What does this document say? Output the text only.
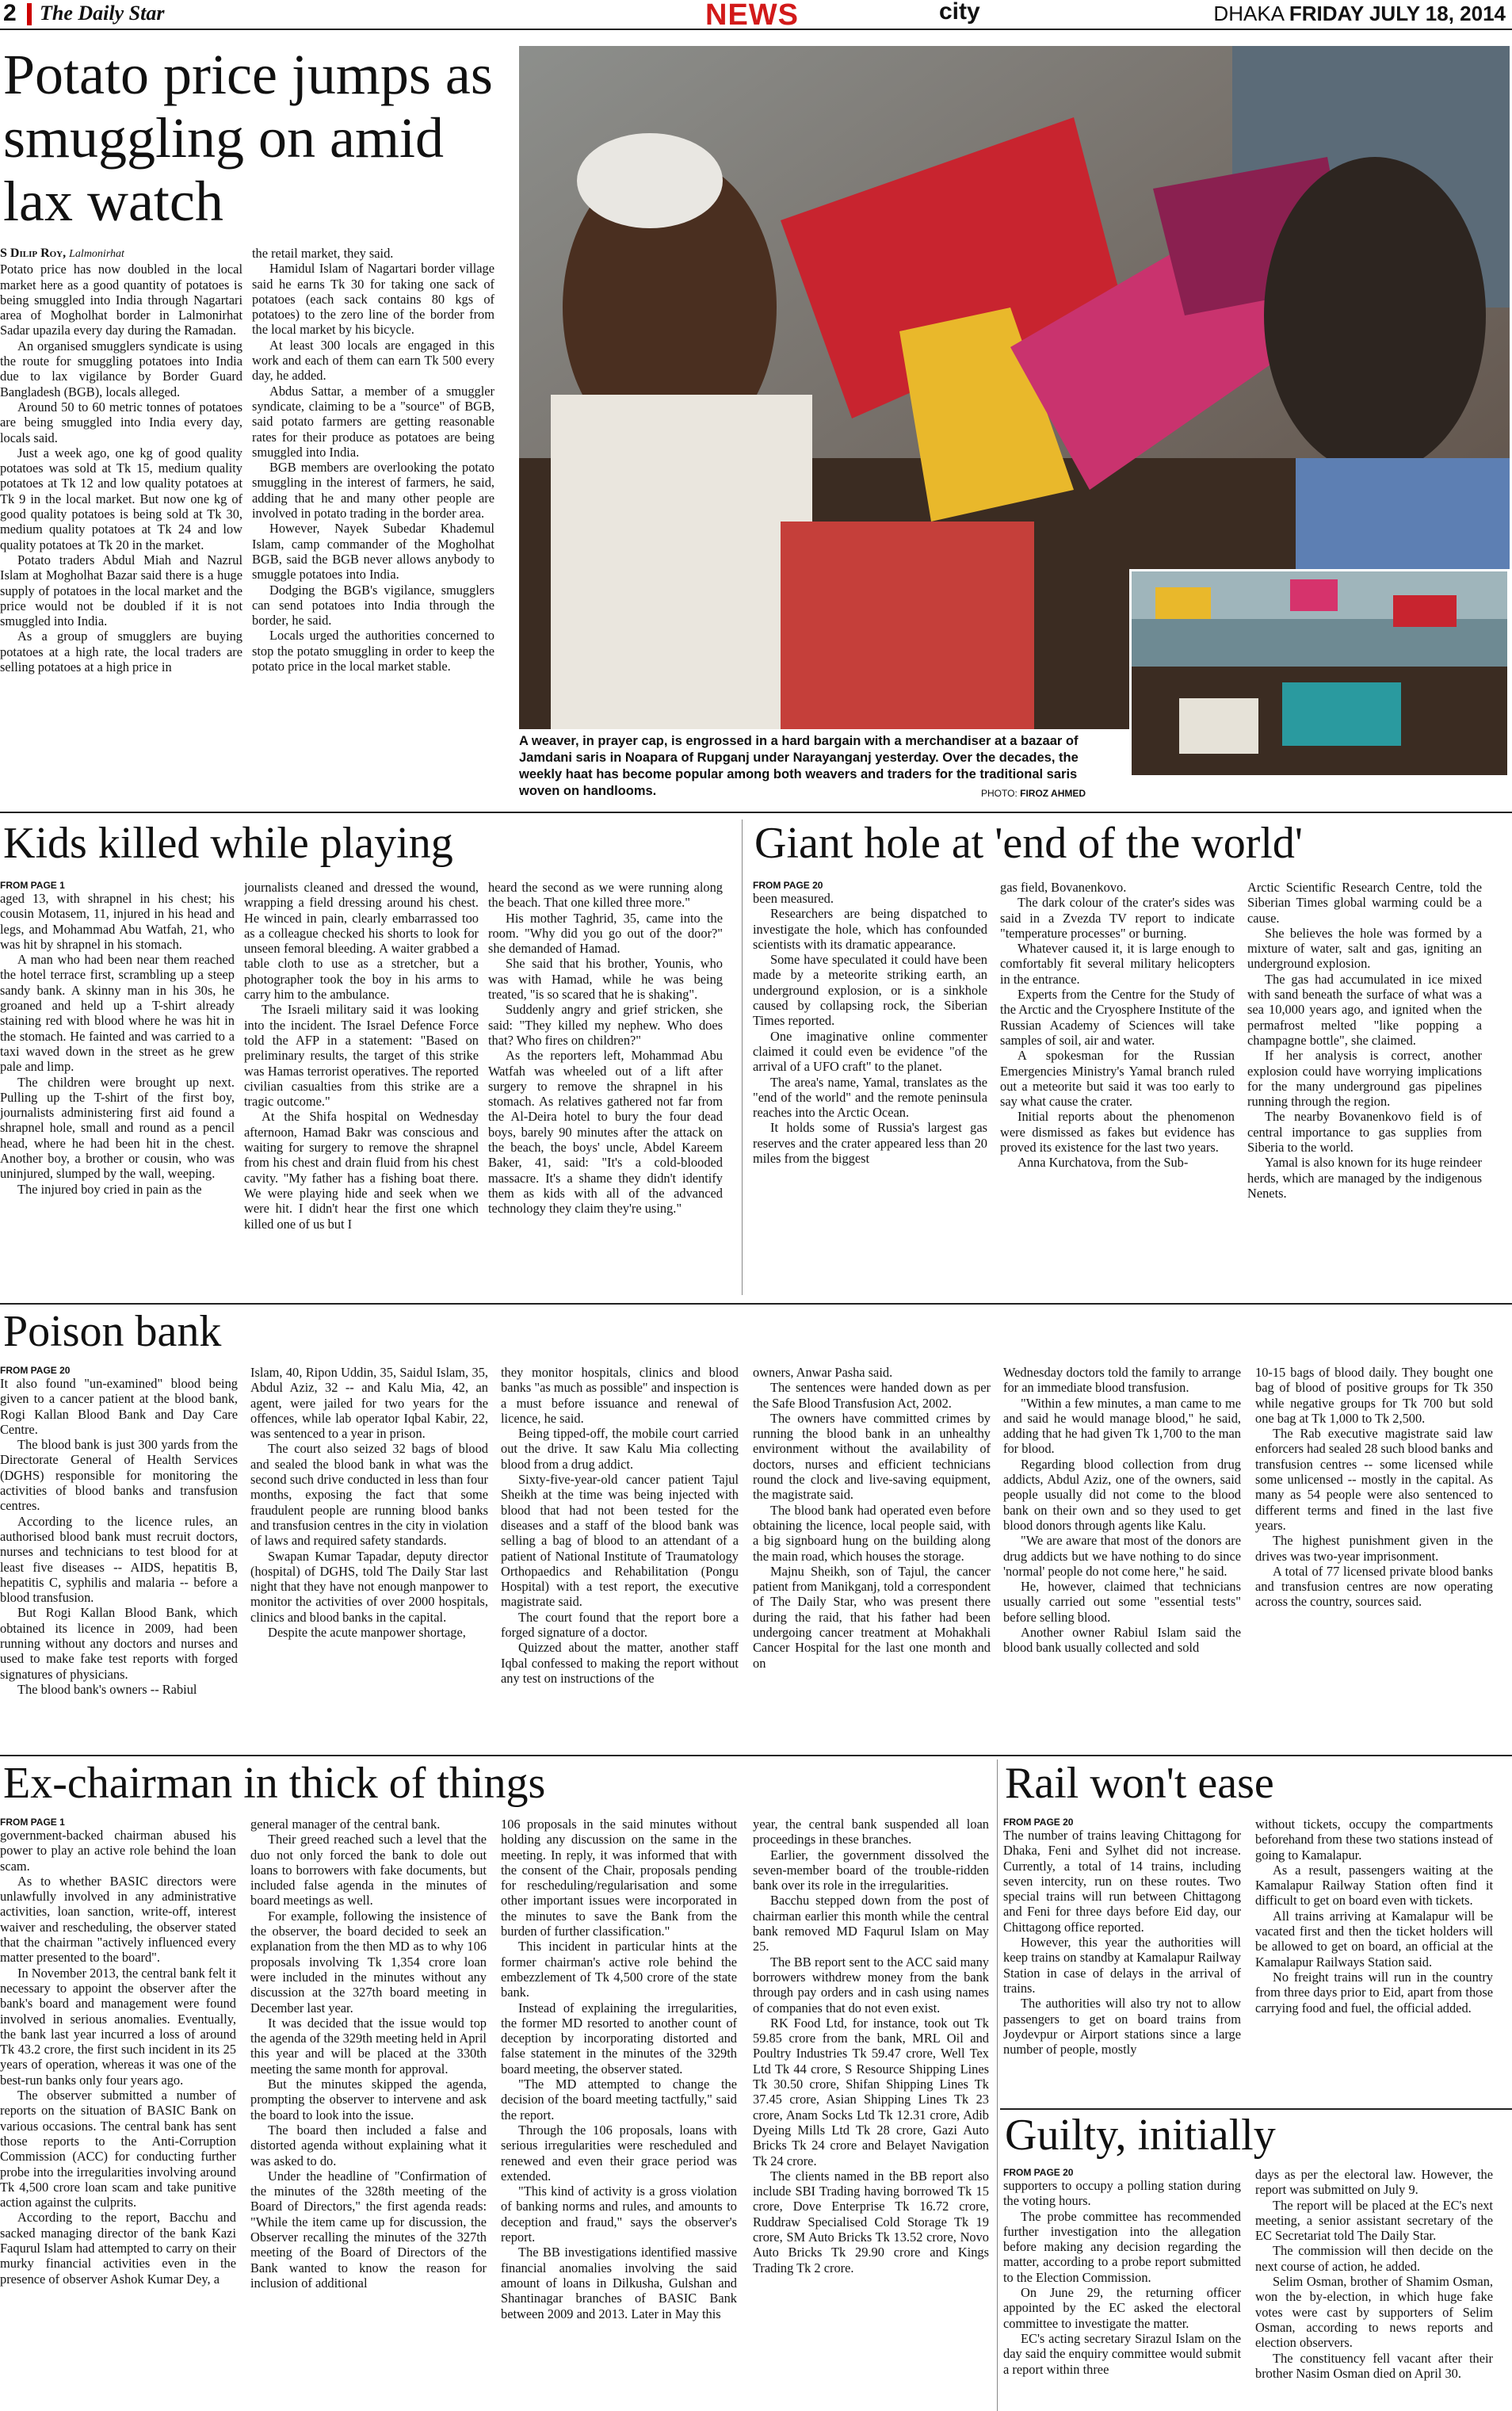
2 The Daily Star	NEWS	city	DHAKA FRIDAY JULY 18, 2014
Potato price jumps as smuggling on amid lax watch
S Dilip Roy, Lalmonirhat

Potato price has now doubled in the local market here as a good quantity of potatoes is being smuggled into India through Nagartari area of Mogholhat border in Lalmonirhat Sadar upazila every day during the Ramadan.

An organised smugglers syndicate is using the route for smuggling potatoes into India due to lax vigilance by Border Guard Bangladesh (BGB), locals alleged.

Around 50 to 60 metric tonnes of potatoes are being smuggled into India every day, locals said.

Just a week ago, one kg of good quality potatoes was sold at Tk 15, medium quality potatoes at Tk 12 and low quality potatoes at Tk 9 in the local market. But now one kg of good quality potatoes is being sold at Tk 30, medium quality potatoes at Tk 24 and low quality potatoes at Tk 20 in the market.

Potato traders Abdul Miah and Nazrul Islam at Mogholhat Bazar said there is a huge supply of potatoes in the local market and the price would not be doubled if it is not smuggled into India.

As a group of smugglers are buying potatoes at a high rate, the local traders are selling potatoes at a high price in

the retail market, they said.

Hamidul Islam of Nagartari border village said he earns Tk 30 for taking one sack of potatoes (each sack contains 80 kgs of potatoes) to the zero line of the border from the local market by his bicycle.

At least 300 locals are engaged in this work and each of them can earn Tk 500 every day, he added.

Abdus Sattar, a member of a smuggler syndicate, claiming to be a "source" of BGB, said potato farmers are getting reasonable rates for their produce as potatoes are being smuggled into India.

BGB members are overlooking the potato smuggling in the interest of farmers, he said, adding that he and many other people are involved in potato trading in the border area.

However, Nayek Subedar Khademul Islam, camp commander of the Mogholhat BGB, said the BGB never allows anybody to smuggle potatoes into India.

Dodging the BGB's vigilance, smugglers can send potatoes into India through the border, he said.

Locals urged the authorities concerned to stop the potato smuggling in order to keep the potato price in the local market stable.

A weaver, in prayer cap, is engrossed in a hard bargain with a merchandiser at a bazaar of Jamdani saris in Noapara of Rupganj under Narayanganj yesterday. Over the decades, the weekly haat has become popular among both weavers and traders for the traditional saris woven on handlooms.	PHOTO: FIROZ AHMED
Kids killed while playing
FROM PAGE 1

aged 13, with shrapnel in his chest; his cousin Motasem, 11, injured in his head and legs, and Mohammad Abu Watfah, 21, who was hit by shrapnel in his stomach.

A man who had been near them reached the hotel terrace first, scrambling up a steep sandy bank. A skinny man in his 30s, he groaned and held up a T-shirt already staining red with blood where he was hit in the stomach. He fainted and was carried to a taxi waved down in the street as he grew pale and limp.

The children were brought up next. Pulling up the T-shirt of the first boy, journalists administering first aid found a shrapnel hole, small and round as a pencil head, where he had been hit in the chest. Another boy, a brother or cousin, who was uninjured, slumped by the wall, weeping.

The injured boy cried in pain as the

journalists cleaned and dressed the wound, wrapping a field dressing around his chest. He winced in pain, clearly embarrassed too as a colleague checked his shorts to look for unseen femoral bleeding. A waiter grabbed a table cloth to use as a stretcher, but a photographer took the boy in his arms to carry him to the ambulance.

The Israeli military said it was looking into the incident. The Israel Defence Force told the AFP in a statement: "Based on preliminary results, the target of this strike was Hamas terrorist operatives. The reported civilian casualties from this strike are a tragic outcome."

At the Shifa hospital on Wednesday afternoon, Hamad Bakr was conscious and waiting for surgery to remove the shrapnel from his chest and drain fluid from his chest cavity. "My father has a fishing boat there. We were playing hide and seek when we were hit. I didn't hear the first one which killed one of us but I

heard the second as we were running along the beach. That one killed three more."

His mother Taghrid, 35, came into the room. "Why did you go out of the door?" she demanded of Hamad.

She said that his brother, Younis, who was with Hamad, while he was being treated, "is so scared that he is shaking".

Suddenly angry and grief stricken, she said: "They killed my nephew. Who does that? Who fires on children?"

As the reporters left, Mohammad Abu Watfah was wheeled out of a lift after surgery to remove the shrapnel in his stomach. As relatives gathered not far from the Al-Deira hotel to bury the four dead boys, barely 90 minutes after the attack on the beach, the boys' uncle, Abdel Kareem Baker, 41, said: "It's a cold-blooded massacre. It's a shame they didn't identify them as kids with all of the advanced technology they claim they're using."

Giant hole at 'end of the world'
FROM PAGE 20

been measured.

Researchers are being dispatched to investigate the hole, which has confounded scientists with its dramatic appearance.

Some have speculated it could have been made by a meteorite striking earth, an underground explosion, or is a sinkhole caused by collapsing rock, the Siberian Times reported.

One imaginative online commenter claimed it could even be evidence "of the arrival of a UFO craft" to the planet.

The area's name, Yamal, translates as the "end of the world" and the remote peninsula reaches into the Arctic Ocean.

It holds some of Russia's largest gas reserves and the crater appeared less than 20 miles from the biggest

gas field, Bovanenkovo.

The dark colour of the crater's sides was said in a Zvezda TV report to indicate "temperature processes" or burning.

Whatever caused it, it is large enough to comfortably fit several military helicopters in the entrance.

Experts from the Centre for the Study of the Arctic and the Cryosphere Institute of the Russian Academy of Sciences will take samples of soil, air and water.

A spokesman for the Russian Emergencies Ministry's Yamal branch ruled out a meteorite but said it was too early to say what cause the crater.

Initial reports about the phenomenon were dismissed as fakes but evidence has proved its existence for the last two years.

Anna Kurchatova, from the Sub-

Arctic Scientific Research Centre, told the Siberian Times global warming could be a cause.

She believes the hole was formed by a mixture of water, salt and gas, igniting an underground explosion.

The gas had accumulated in ice mixed with sand beneath the surface of what was a sea 10,000 years ago, and ignited when the permafrost melted "like popping a champagne bottle", she claimed.

If her analysis is correct, another explosion could have worrying implications for the many underground gas pipelines running through the region.

The nearby Bovanenkovo field is of central importance to gas supplies from Siberia to the world.

Yamal is also known for its huge reindeer herds, which are managed by the indigenous Nenets.

Poison bank
FROM PAGE 20

It also found "un-examined" blood being given to a cancer patient at the blood bank, Rogi Kallan Blood Bank and Day Care Centre.

The blood bank is just 300 yards from the Directorate General of Health Services (DGHS) responsible for monitoring the activities of blood banks and transfusion centres.

According to the licence rules, an authorised blood bank must recruit doctors, nurses and technicians to test blood for at least five diseases -- AIDS, hepatitis B, hepatitis C, syphilis and malaria -- before a blood transfusion.

But Rogi Kallan Blood Bank, which obtained its licence in 2009, had been running without any doctors and nurses and used to make fake test reports with forged signatures of physicians.

The blood bank's owners -- Rabiul

Islam, 40, Ripon Uddin, 35, Saidul Islam, 35, Abdul Aziz, 32 -- and Kalu Mia, 42, an agent, were jailed for two years for the offences, while lab operator Iqbal Kabir, 22, was sentenced to a year in prison.

The court also seized 32 bags of blood and sealed the blood bank in what was the second such drive conducted in less than four months, exposing the fact that some fraudulent people are running blood banks and transfusion centres in the city in violation of laws and required safety standards.

Swapan Kumar Tapadar, deputy director (hospital) of DGHS, told The Daily Star last night that they have not enough manpower to monitor the activities of over 2000 hospitals, clinics and blood banks in the capital.

Despite the acute manpower shortage,

they monitor hospitals, clinics and blood banks "as much as possible" and inspection is a must before issuance and renewal of licence, he said.

Being tipped-off, the mobile court carried out the drive. It saw Kalu Mia collecting blood from a drug addict.

Sixty-five-year-old cancer patient Tajul Sheikh at the time was being injected with blood that had not been tested for the diseases and a staff of the blood bank was selling a bag of blood to an attendant of a patient of National Institute of Traumatology Orthopaedics and Rehabilitation (Pongu Hospital) with a test report, the executive magistrate said.

The court found that the report bore a forged signature of a doctor.

Quizzed about the matter, another staff Iqbal confessed to making the report without any test on instructions of the

owners, Anwar Pasha said.

The sentences were handed down as per the Safe Blood Transfusion Act, 2002.

The owners have committed crimes by running the blood bank in an unhealthy environment without the availability of doctors, nurses and efficient technicians round the clock and live-saving equipment, the magistrate said.

The blood bank had operated even before obtaining the licence, local people said, with a big signboard hung on the building along the main road, which houses the storage.

Majnu Sheikh, son of Tajul, the cancer patient from Manikganj, told a correspondent of The Daily Star, who was present there during the raid, that his father had been undergoing cancer treatment at Mohakhali Cancer Hospital for the last one month and on

Wednesday doctors told the family to arrange for an immediate blood transfusion.

"Within a few minutes, a man came to me and said he would manage blood," he said, adding that he had given Tk 1,700 to the man for blood.

Regarding blood collection from drug addicts, Abdul Aziz, one of the owners, said people usually did not come to the blood bank on their own and so they used to get blood donors through agents like Kalu.

"We are aware that most of the donors are drug addicts but we have nothing to do since 'normal' people do not come here," he said.

He, however, claimed that technicians usually carried out some "essential tests" before selling blood.

Another owner Rabiul Islam said the blood bank usually collected and sold

10-15 bags of blood daily. They bought one bag of blood of positive groups for Tk 350 while negative groups for Tk 700 but sold one bag at Tk 1,000 to Tk 2,500.

The Rab executive magistrate said law enforcers had sealed 28 such blood banks and transfusion centres -- some licensed while some unlicensed -- mostly in the capital. As many as 54 people were also sentenced to different terms and fined in the last five years.

The highest punishment given in the drives was two-year imprisonment.

A total of 77 licensed private blood banks and transfusion centres are now operating across the country, sources said.

Ex-chairman in thick of things
FROM PAGE 1

government-backed chairman abused his power to play an active role behind the loan scam.

As to whether BASIC directors were unlawfully involved in any administrative activities, loan sanction, write-off, interest waiver and rescheduling, the observer stated that the chairman "actively influenced every matter presented to the board".

In November 2013, the central bank felt it necessary to appoint the observer after the bank's board and management were found involved in serious anomalies. Eventually, the bank last year incurred a loss of around Tk 43.2 crore, the first such incident in its 25 years of operation, whereas it was one of the best-run banks only four years ago.

The observer submitted a number of reports on the situation of BASIC Bank on various occasions. The central bank has sent those reports to the Anti-Corruption Commission (ACC) for conducting further probe into the irregularities involving around Tk 4,500 crore loan scam and take punitive action against the culprits.

According to the report, Bacchu and sacked managing director of the bank Kazi Faqurul Islam had attempted to carry on their murky financial activities even in the presence of observer Ashok Kumar Dey, a

general manager of the central bank.

Their greed reached such a level that the duo not only forced the bank to dole out loans to borrowers with fake documents, but included false agenda in the minutes of board meetings as well.

For example, following the insistence of the observer, the board decided to seek an explanation from the then MD as to why 106 proposals involving Tk 1,354 crore loan were included in the minutes without any discussion at the 327th board meeting in December last year.

It was decided that the issue would top the agenda of the 329th meeting held in April this year and will be placed at the 330th meeting the same month for approval.

But the minutes skipped the agenda, prompting the observer to intervene and ask the board to look into the issue.

The board then included a false and distorted agenda without explaining what it was asked to do.

Under the headline of "Confirmation of the minutes of the 328th meeting of the Board of Directors," the first agenda reads: "While the item came up for discussion, the Observer recalling the minutes of the 327th meeting of the Board of Directors of the Bank wanted to know the reason for inclusion of additional

106 proposals in the said minutes without holding any discussion on the same in the meeting. In reply, it was informed that with the consent of the Chair, proposals pending for rescheduling/regularisation and some other important issues were incorporated in the minutes to save the Bank from the burden of further classification."

This incident in particular hints at the former chairman's active role behind the embezzlement of Tk 4,500 crore of the state bank.

Instead of explaining the irregularities, the former MD resorted to another count of deception by incorporating distorted and false statement in the minutes of the 329th board meeting, the observer stated.

"The MD attempted to change the decision of the board meeting tactfully," said the report.

Through the 106 proposals, loans with serious irregularities were rescheduled and renewed and even their grace period was extended.

"This kind of activity is a gross violation of banking norms and rules, and amounts to deception and fraud," says the observer's report.

The BB investigations identified massive financial anomalies involving the said amount of loans in Dilkusha, Gulshan and Shantinagar branches of BASIC Bank between 2009 and 2013. Later in May this

year, the central bank suspended all loan proceedings in these branches.

Earlier, the government dissolved the seven-member board of the trouble-ridden bank over its role in the irregularities.

Bacchu stepped down from the post of chairman earlier this month while the central bank removed MD Faqurul Islam on May 25.

The BB report sent to the ACC said many borrowers withdrew money from the bank through pay orders and in cash using names of companies that do not even exist.

RK Food Ltd, for instance, took out Tk 59.85 crore from the bank, MRL Oil and Poultry Industries Tk 59.47 crore, Well Tex Ltd Tk 44 crore, S Resource Shipping Lines Tk 30.50 crore, Shifan Shipping Lines Tk 37.45 crore, Asian Shipping Lines Tk 23 crore, Anam Socks Ltd Tk 12.31 crore, Adib Dyeing Mills Ltd Tk 28 crore, Gazi Auto Bricks Tk 24 crore and Belayet Navigation Tk 24 crore.

The clients named in the BB report also include SBI Trading having borrowed Tk 15 crore, Dove Enterprise Tk 16.72 crore, Ruddraw Specialised Cold Storage Tk 19 crore, SM Auto Bricks Tk 13.52 crore, Novo Auto Bricks Tk 29.90 crore and Kings Trading Tk 2 crore.

Rail won't ease
FROM PAGE 20

The number of trains leaving Chittagong for Dhaka, Feni and Sylhet did not increase. Currently, a total of 14 trains, including seven intercity, run on these routes. Two special trains will run between Chittagong and Feni for three days before Eid day, our Chittagong office reported.

However, this year the authorities will keep trains on standby at Kamalapur Railway Station in case of delays in the arrival of trains.

The authorities will also try not to allow passengers to get on board trains from Joydevpur or Airport stations since a large number of people, mostly

without tickets, occupy the compartments beforehand from these two stations instead of going to Kamalapur.

As a result, passengers waiting at the Kamalapur Railway Station often find it difficult to get on board even with tickets.

All trains arriving at Kamalapur will be vacated first and then the ticket holders will be allowed to get on board, an official at the Kamalapur Railways Station said.

No freight trains will run in the country from three days prior to Eid, apart from those carrying food and fuel, the official added.

Guilty, initially
FROM PAGE 20

supporters to occupy a polling station during the voting hours.

The probe committee has recommended further investigation into the allegation before making any decision regarding the matter, according to a probe report submitted to the Election Commission.

On June 29, the returning officer appointed by the EC asked the electoral committee to investigate the matter.

EC's acting secretary Sirazul Islam on the day said the enquiry committee would submit a report within three

days as per the electoral law. However, the report was submitted on July 9.

The report will be placed at the EC's next meeting, a senior assistant secretary of the EC Secretariat told The Daily Star.

The commission will then decide on the next course of action, he added.

Selim Osman, brother of Shamim Osman, won the by-election, in which huge fake votes were cast by supporters of Selim Osman, according to news reports and election observers.

The constituency fell vacant after their brother Nasim Osman died on April 30.
